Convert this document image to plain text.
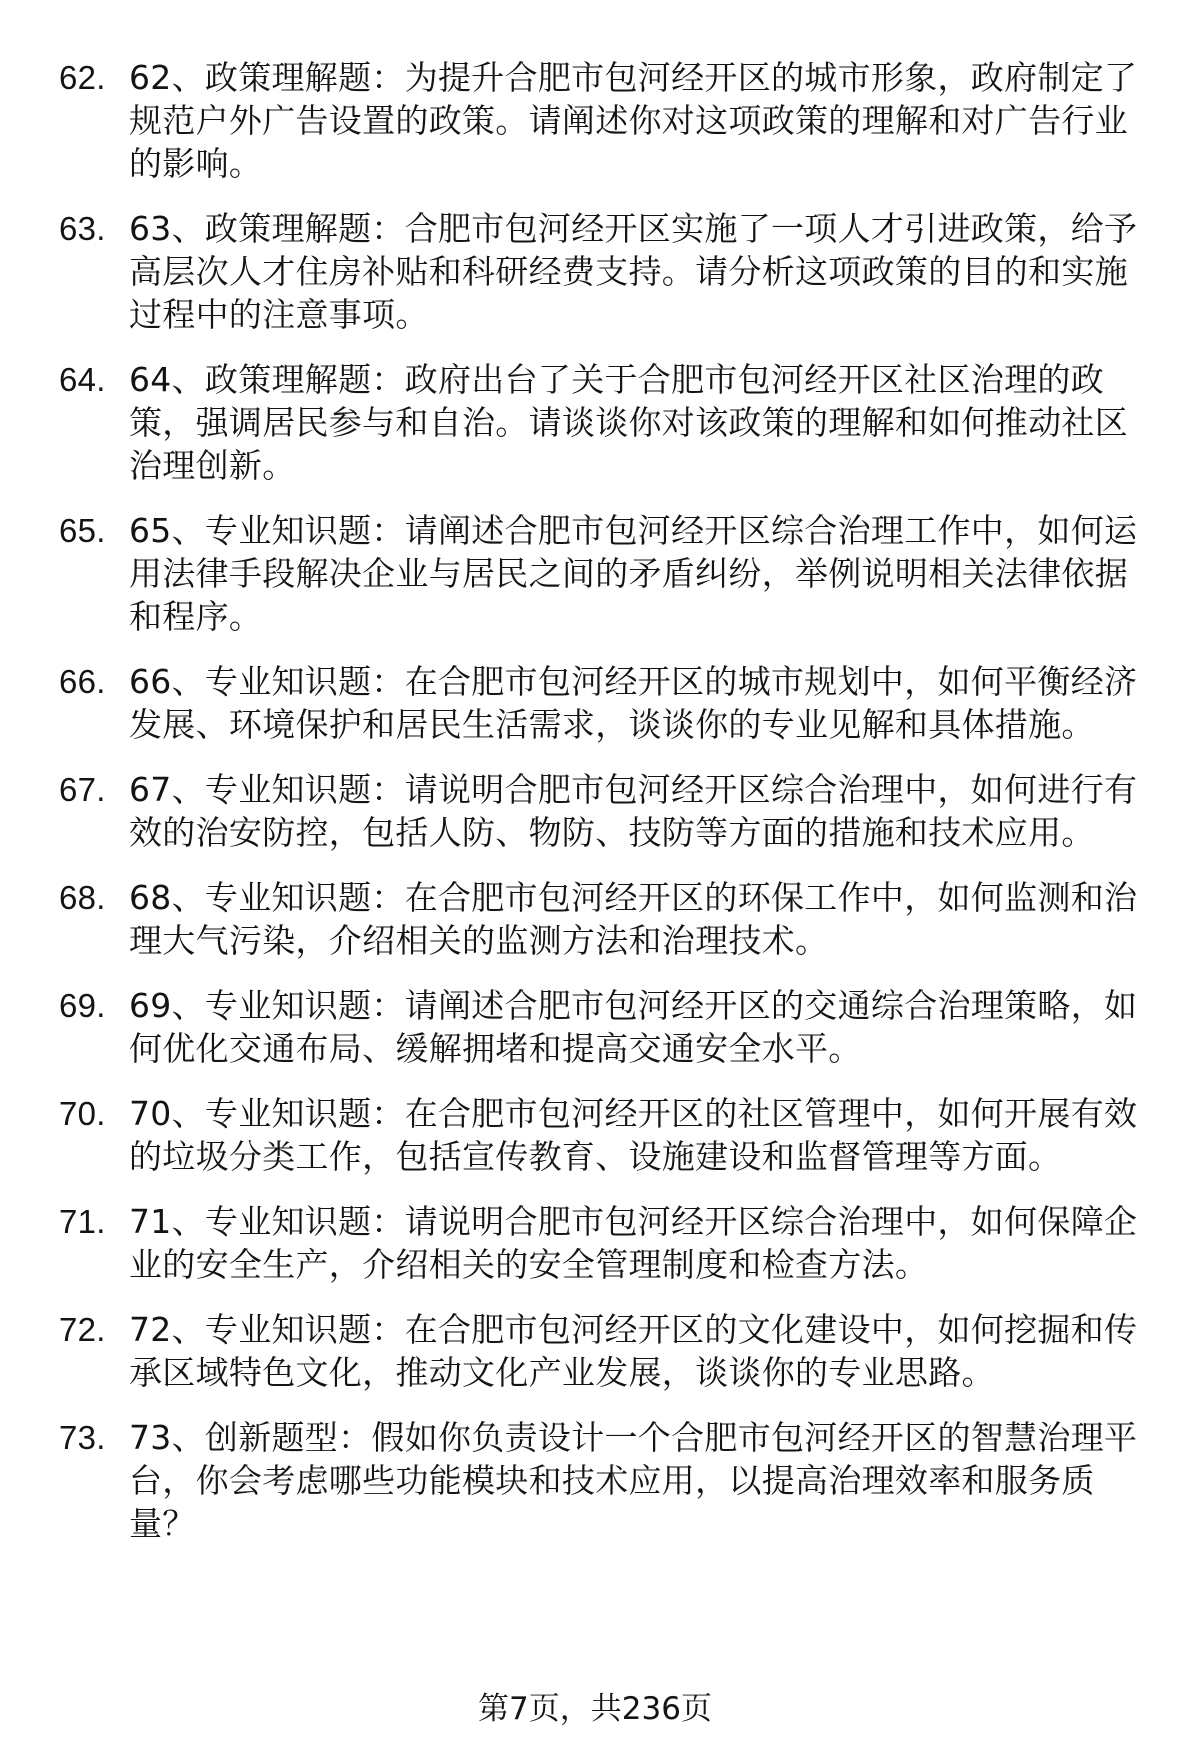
62. 62、政策理解题：为提升合肥市包河经开区的城市形象，政府制定了规范户外广告设置的政策。请阐述你对这项政策的理解和对广告行业的影响。
63. 63、政策理解题：合肥市包河经开区实施了一项人才引进政策，给予高层次人才住房补贴和科研经费支持。请分析这项政策的目的和实施过程中的注意事项。
64. 64、政策理解题：政府出台了关于合肥市包河经开区社区治理的政策，强调居民参与和自治。请谈谈你对该政策的理解和如何推动社区治理创新。
65. 65、专业知识题：请阐述合肥市包河经开区综合治理工作中，如何运用法律手段解决企业与居民之间的矛盾纠纷，举例说明相关法律依据和程序。
66. 66、专业知识题：在合肥市包河经开区的城市规划中，如何平衡经济发展、环境保护和居民生活需求，谈谈你的专业见解和具体措施。
67. 67、专业知识题：请说明合肥市包河经开区综合治理中，如何进行有效的治安防控，包括人防、物防、技防等方面的措施和技术应用。
68. 68、专业知识题：在合肥市包河经开区的环保工作中，如何监测和治理大气污染，介绍相关的监测方法和治理技术。
69. 69、专业知识题：请阐述合肥市包河经开区的交通综合治理策略，如何优化交通布局、缓解拥堵和提高交通安全水平。
70. 70、专业知识题：在合肥市包河经开区的社区管理中，如何开展有效的垃圾分类工作，包括宣传教育、设施建设和监督管理等方面。
71. 71、专业知识题：请说明合肥市包河经开区综合治理中，如何保障企业的安全生产，介绍相关的安全管理制度和检查方法。
72. 72、专业知识题：在合肥市包河经开区的文化建设中，如何挖掘和传承区域特色文化，推动文化产业发展，谈谈你的专业思路。
73. 73、创新题型：假如你负责设计一个合肥市包河经开区的智慧治理平台，你会考虑哪些功能模块和技术应用，以提高治理效率和服务质量？
第7页，共236页
